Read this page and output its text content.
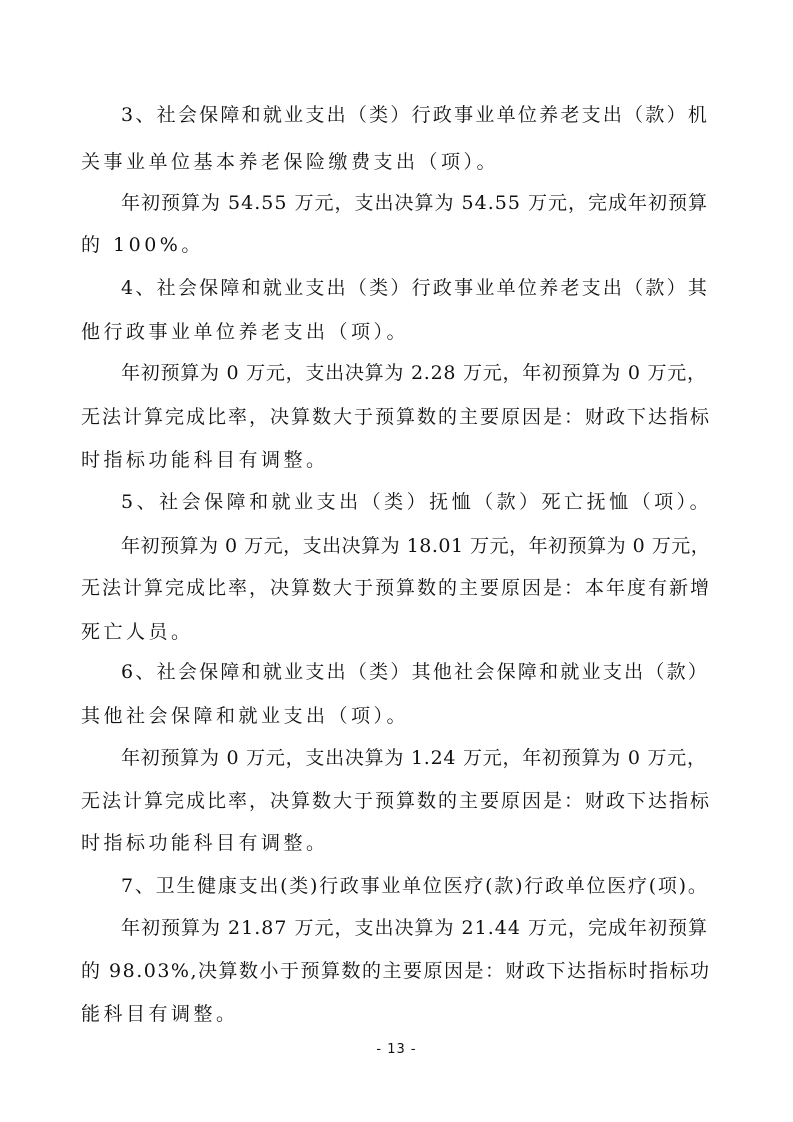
3、社会保障和就业支出（类）行政事业单位养老支出（款）机
关事业单位基本养老保险缴费支出（项）。
年初预算为 54.55 万元，支出决算为 54.55 万元，完成年初预算
的 100%。
4、社会保障和就业支出（类）行政事业单位养老支出（款）其
他行政事业单位养老支出（项）。
年初预算为 0 万元，支出决算为 2.28 万元，年初预算为 0 万元，
无法计算完成比率，决算数大于预算数的主要原因是：财政下达指标
时指标功能科目有调整。
5、社会保障和就业支出（类）抚恤（款）死亡抚恤（项）。
年初预算为 0 万元，支出决算为 18.01 万元，年初预算为 0 万元，
无法计算完成比率，决算数大于预算数的主要原因是：本年度有新增
死亡人员。
6、社会保障和就业支出（类）其他社会保障和就业支出（款）
其他社会保障和就业支出（项）。
年初预算为 0 万元，支出决算为 1.24 万元，年初预算为 0 万元，
无法计算完成比率，决算数大于预算数的主要原因是：财政下达指标
时指标功能科目有调整。
7、卫生健康支出(类)行政事业单位医疗(款)行政单位医疗(项)。
年初预算为 21.87 万元，支出决算为 21.44 万元，完成年初预算
的 98.03%,决算数小于预算数的主要原因是：财政下达指标时指标功
能科目有调整。
- 13 -
